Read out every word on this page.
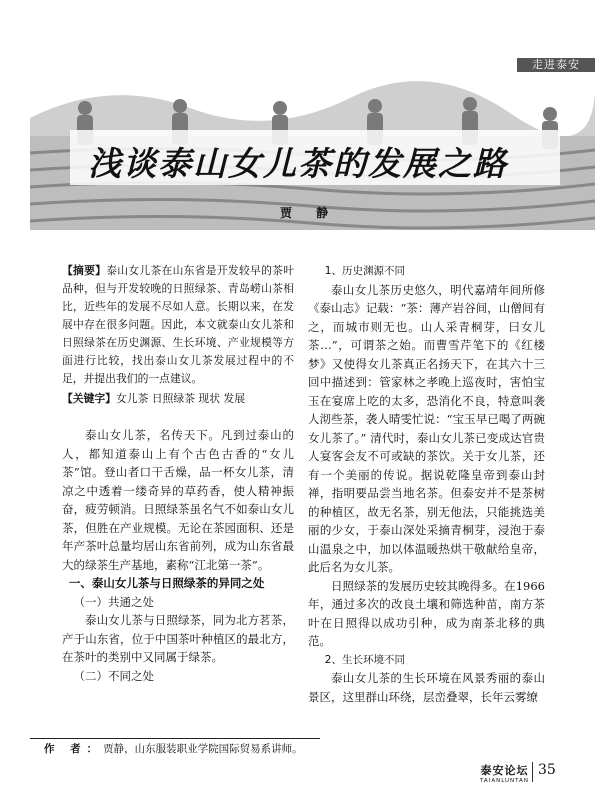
走进泰安
浅谈泰山女儿茶的发展之路
贾 静

【摘要】泰山女儿茶在山东省是开发较早的茶叶品种，但与开发较晚的日照绿茶、青岛崂山茶相比，近些年的发展不尽如人意。长期以来，在发展中存在很多问题。因此，本文就泰山女儿茶和日照绿茶在历史渊源、生长环境、产业规模等方面进行比较，找出泰山女儿茶发展过程中的不足，并提出我们的一点建议。

【关键字】女儿茶 日照绿茶 现状 发展

泰山女儿茶，名传天下。凡到过泰山的人，都知道泰山上有个古色古香的“女儿茶”馆。登山者口干舌燥，品一杯女儿茶，清凉之中透着一缕奇异的草药香，使人精神振奋，疲劳顿消。日照绿茶虽名气不如泰山女儿茶，但胜在产业规模。无论在茶园面积、还是年产茶叶总量均居山东省前列，成为山东省最大的绿茶生产基地，素称“江北第一茶”。

一、泰山女儿茶与日照绿茶的异同之处

（一）共通之处

泰山女儿茶与日照绿茶，同为北方茗茶，产于山东省，位于中国茶叶种植区的最北方，在茶叶的类别中又同属于绿茶。

（二）不同之处

1、历史渊源不同

泰山女儿茶历史悠久，明代嘉靖年间所修《泰山志》记载：“茶：薄产岩谷间，山僧间有之，而城市则无也。山人采青桐芽，曰女儿茶…”，可谓茶之始。而曹雪芹笔下的《红楼梦》又使得女儿茶真正名扬天下，在其六十三回中描述到：管家林之孝晚上巡夜时，害怕宝玉在宴席上吃的太多，恐消化不良，特意叫袭人沏些茶，袭人晴雯忙说：“宝玉早已喝了两碗女儿茶了。” 清代时，泰山女儿茶已变成达官贵人宴客会友不可或缺的茶饮。关于女儿茶，还有一个美丽的传说。据说乾隆皇帝到泰山封禅，指明要品尝当地名茶。但泰安并不是茶树的种植区，故无名茶，别无他法，只能挑选美丽的少女，于泰山深处采摘青桐芽，浸泡于泰山温泉之中，加以体温暖热烘干敬献给皇帝，此后名为女儿茶。

日照绿茶的发展历史较其晚得多。在1966年，通过多次的改良土壤和筛选种苗，南方茶叶在日照得以成功引种，成为南茶北移的典范。

2、生长环境不同

泰山女儿茶的生长环境在风景秀丽的泰山景区，这里群山环绕，层峦叠翠，长年云雾缭

作 者：贾静，山东服装职业学院国际贸易系讲师。
泰安论坛
TAIANLUNTAN
35
